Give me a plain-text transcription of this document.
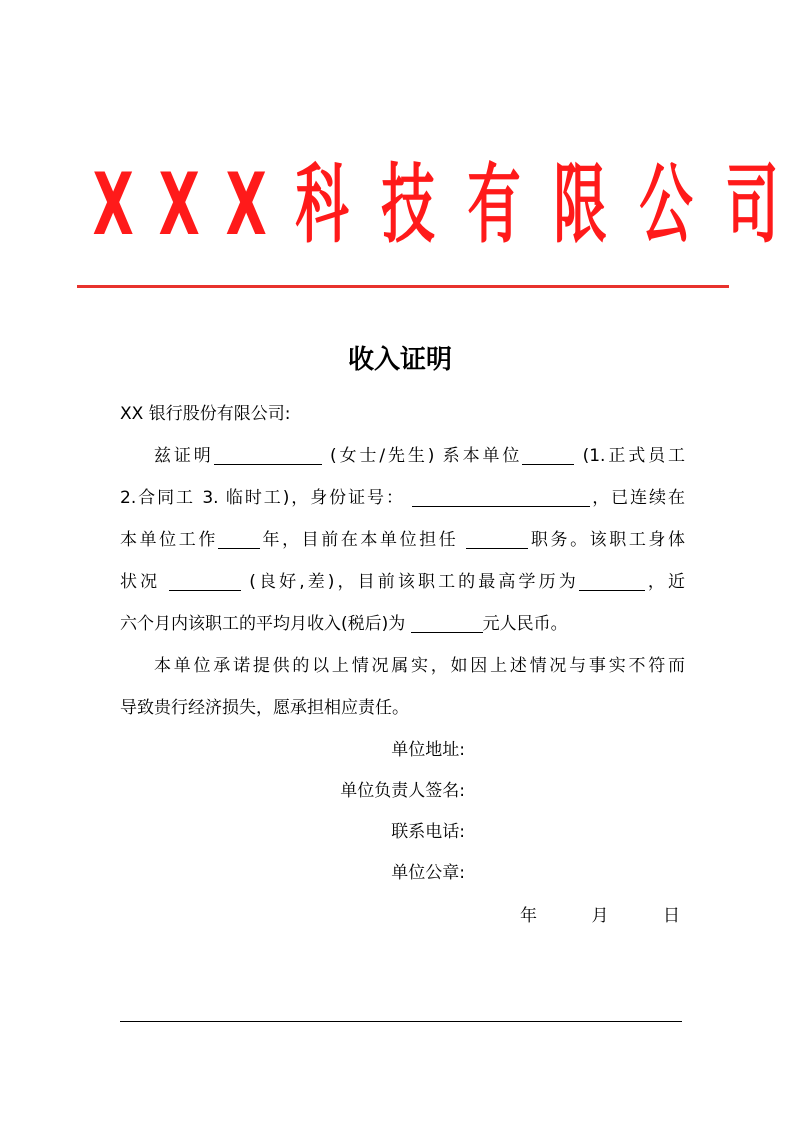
X X X 科 技 有 限 公 司
收入证明
XX 银行股份有限公司:
兹证明	(女士/先生) 系本单位	(1.正式员工
2.合同工 3. 临时工)，身份证号：	，已连续在
本单位工作 年，目前在本单位担任	职务。该职工身体
状况	(良好,差)，目前该职工的最高学历为	，近
六个月内该职工的平均月收入(税后)为	元人民币。
本单位承诺提供的以上情况属实，如因上述情况与事实不符而
导致贵行经济损失，愿承担相应责任。
单位地址:
单位负责人签名:
联系电话:
单位公章:
年	月	日
